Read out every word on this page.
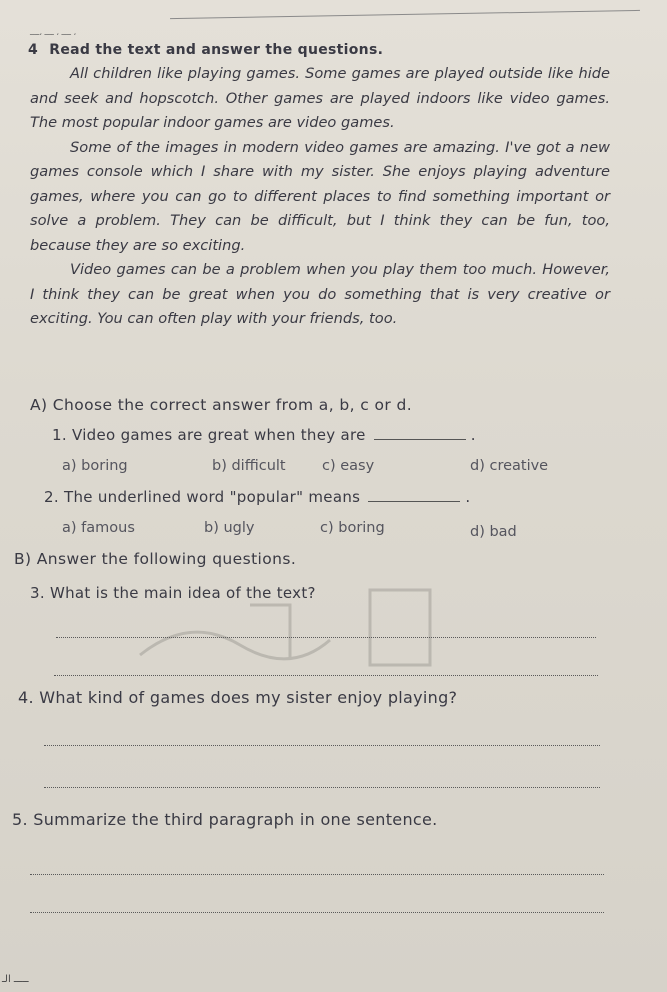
ــــ ، ــــ ،ــــ ،
4 Read the text and answer the questions.

All children like playing games. Some games are played outside like hide and seek and hopscotch. Other games are played indoors like video games. The most popular indoor games are video games.

Some of the images in modern video games are amazing. I've got a new games console which I share with my sister. She enjoys playing adventure games, where you can go to different places to find something important or solve a problem. They can be difficult, but I think they can be fun, too, because they are so exciting.

Video games can be a problem when you play them too much. However, I think they can be great when you do something that is very creative or exciting. You can often play with your friends, too.

A) Choose the correct answer from a, b, c or d.
1. Video games are great when they are	.
a) boring	b) difficult	c) easy	d) creative
2. The underlined word "popular" means	.
a) famous	b) ugly	c) boring	d) bad
B) Answer the following questions.
3. What is the main idea of the text?
4. What kind of games does my sister enjoy playing?
5. Summarize the third paragraph in one sentence.
ـــــ الـ
